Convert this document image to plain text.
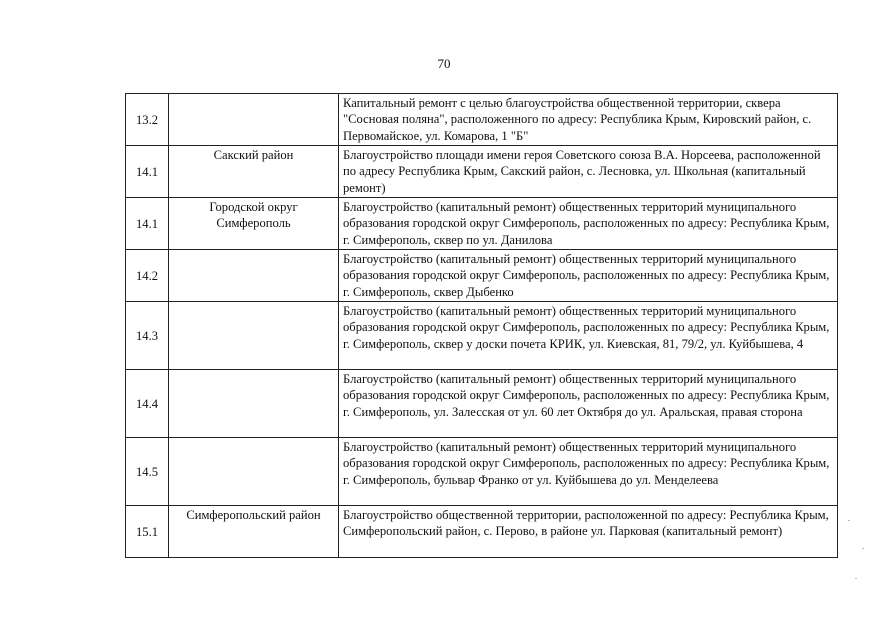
70
13.2		Капитальный ремонт с целью благоустройства общественной территории, сквера "Сосновая поляна", расположенного по адресу: Республика Крым, Кировский район, с. Первомайское, ул. Комарова, 1 "Б"
14.1	Сакский район	Благоустройство площади имени героя Советского союза В.А. Норсеева, расположенной по адресу Республика Крым, Сакский район, с. Лесновка, ул. Школьная (капитальный ремонт)
14.1	Городской округ Симферополь	Благоустройство (капитальный ремонт) общественных территорий муниципального образования городской округ Симферополь, расположенных по адресу: Республика Крым, г. Симферополь, сквер по ул. Данилова
14.2		Благоустройство (капитальный ремонт) общественных территорий муниципального образования городской округ Симферополь, расположенных по адресу: Республика Крым, г. Симферополь, сквер Дыбенко
14.3		Благоустройство (капитальный ремонт) общественных территорий муниципального образования городской округ Симферополь, расположенных по адресу: Республика Крым, г. Симферополь, сквер у доски почета КРИК, ул. Киевская, 81, 79/2, ул. Куйбышева, 4
14.4		Благоустройство (капитальный ремонт) общественных территорий муниципального образования городской округ Симферополь, расположенных по адресу: Республика Крым, г. Симферополь, ул. Залесская от ул. 60 лет Октября до ул. Аральская, правая сторона
14.5		Благоустройство (капитальный ремонт) общественных территорий муниципального образования городской округ Симферополь, расположенных по адресу: Республика Крым, г. Симферополь, бульвар Франко от ул. Куйбышева до ул. Менделеева
15.1	Симферопольский район	Благоустройство общественной территории, расположенной по адресу: Республика Крым, Симферопольский район, с. Перово, в районе ул. Парковая (капитальный ремонт)
